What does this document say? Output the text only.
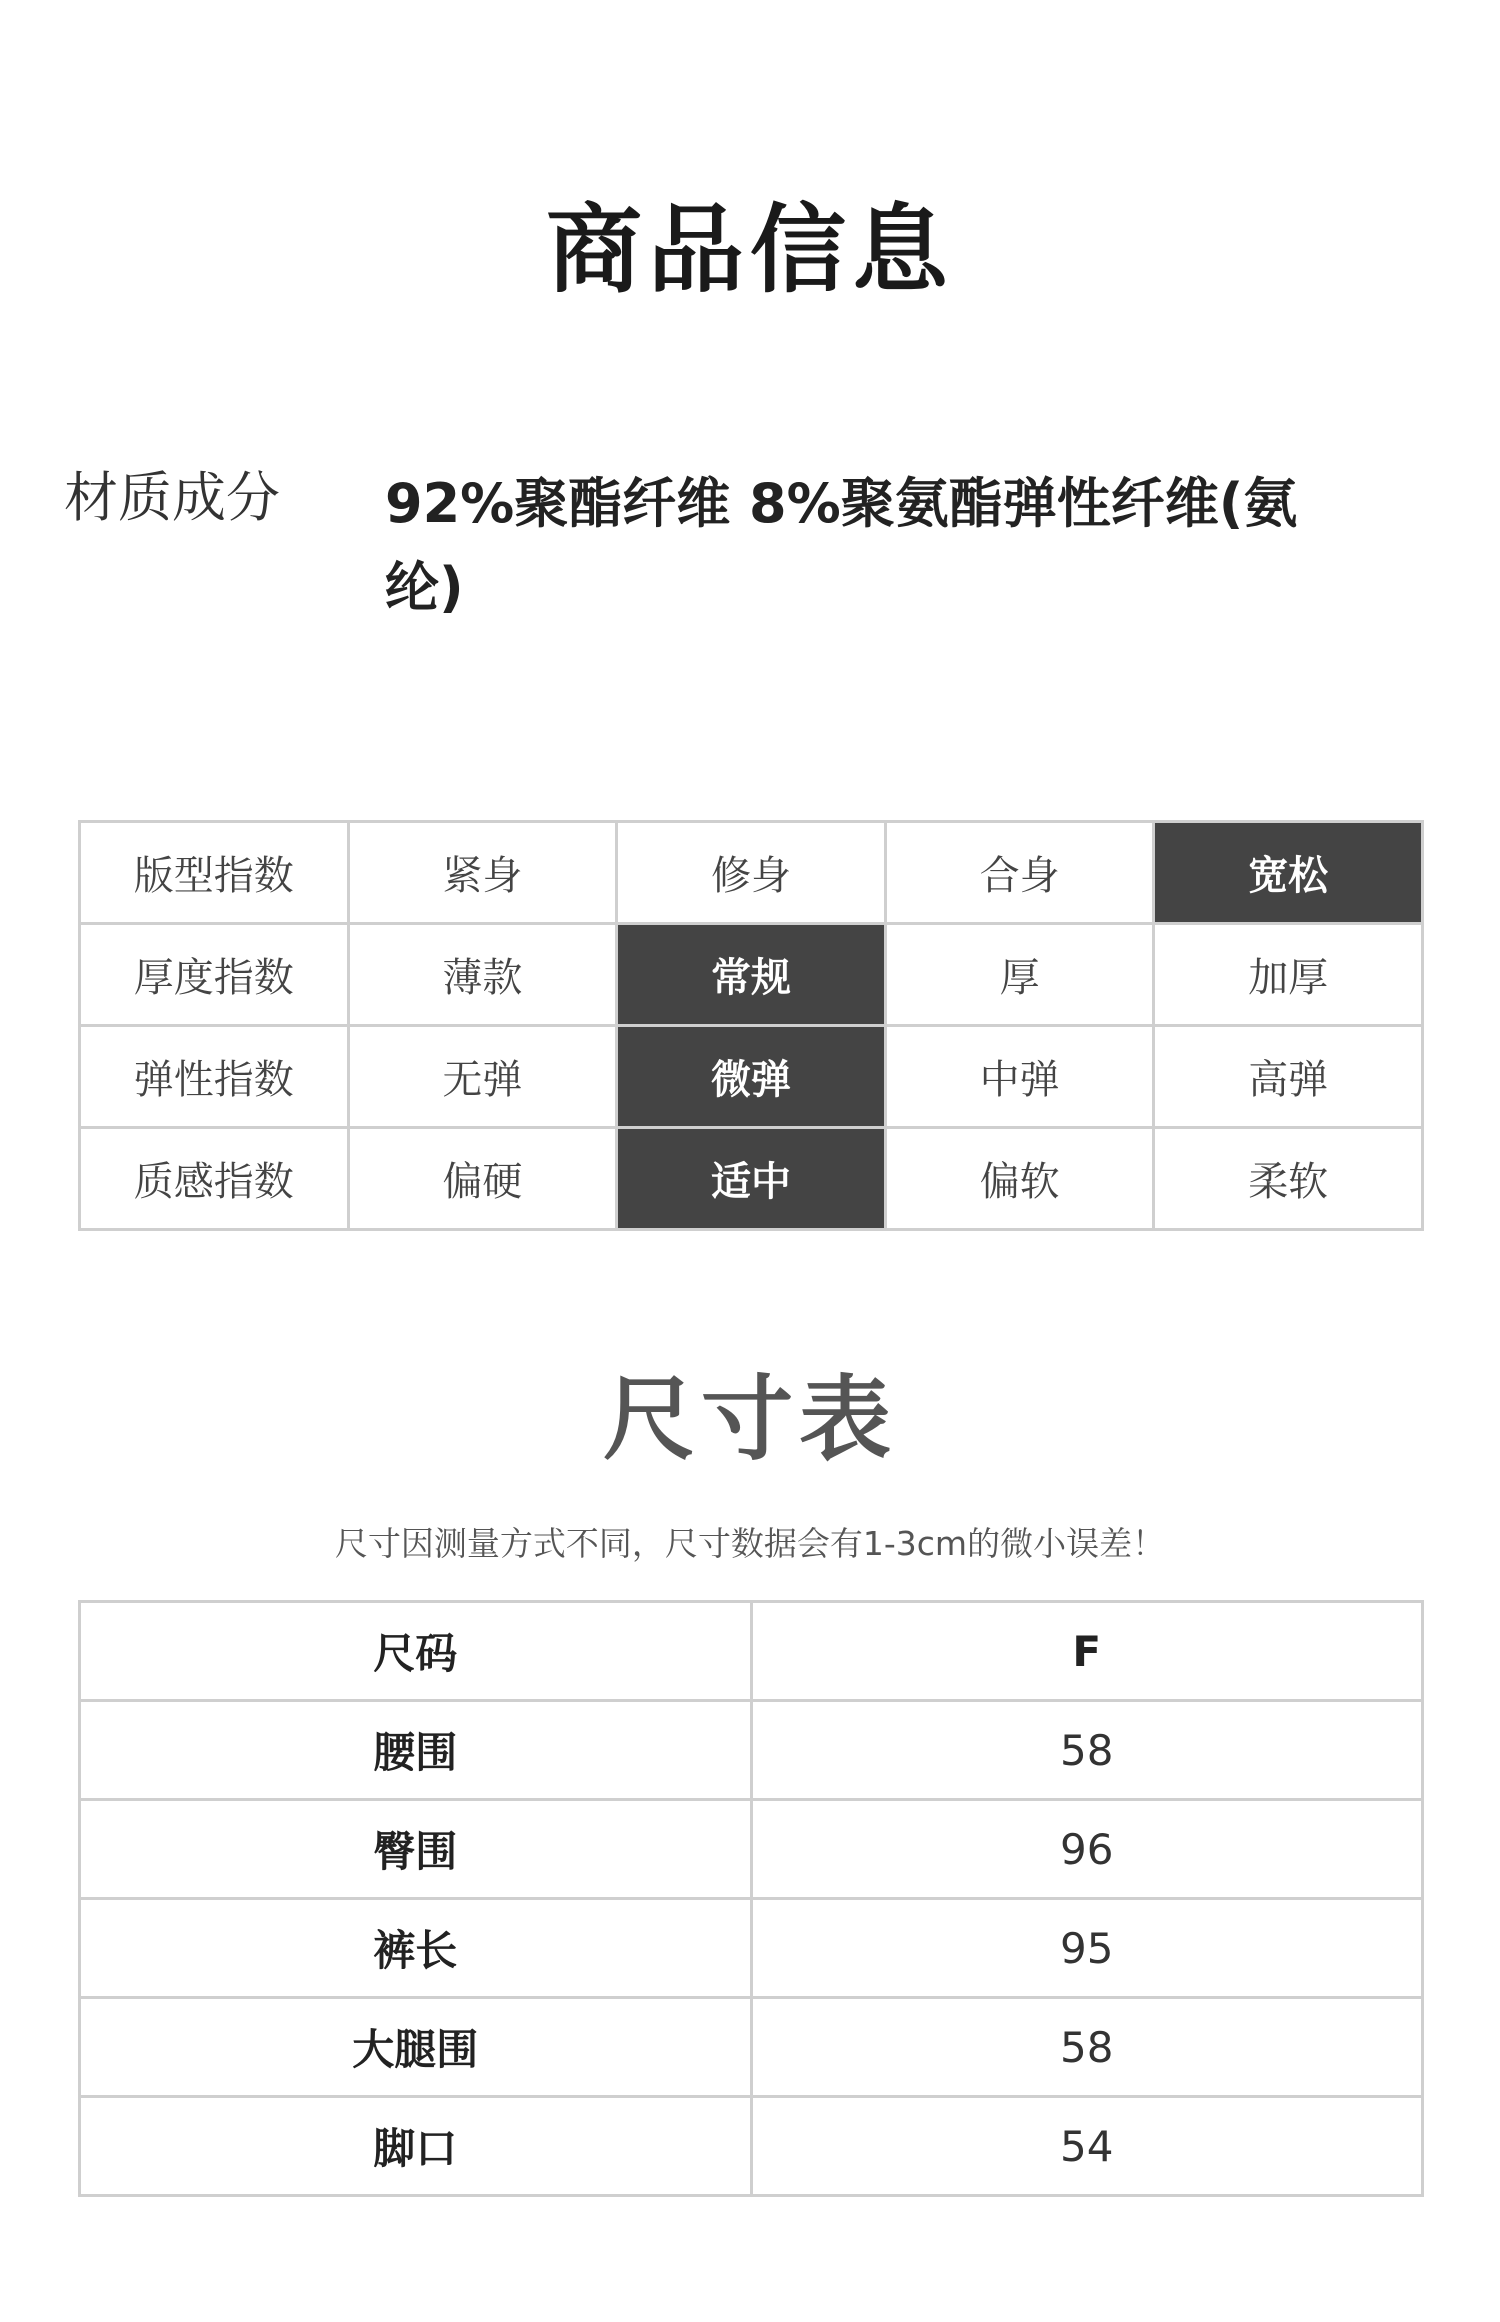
商品信息
材质成分 92%聚酯纤维 8%聚氨酯弹性纤维(氨纶)
版型指数	紧身	修身	合身	宽松
厚度指数	薄款	常规	厚	加厚
弹性指数	无弹	微弹	中弹	高弹
质感指数	偏硬	适中	偏软	柔软
尺寸表
尺寸因测量方式不同，尺寸数据会有1-3cm的微小误差！
尺码	F
腰围	58
臀围	96
裤长	95
大腿围	58
脚口	54
